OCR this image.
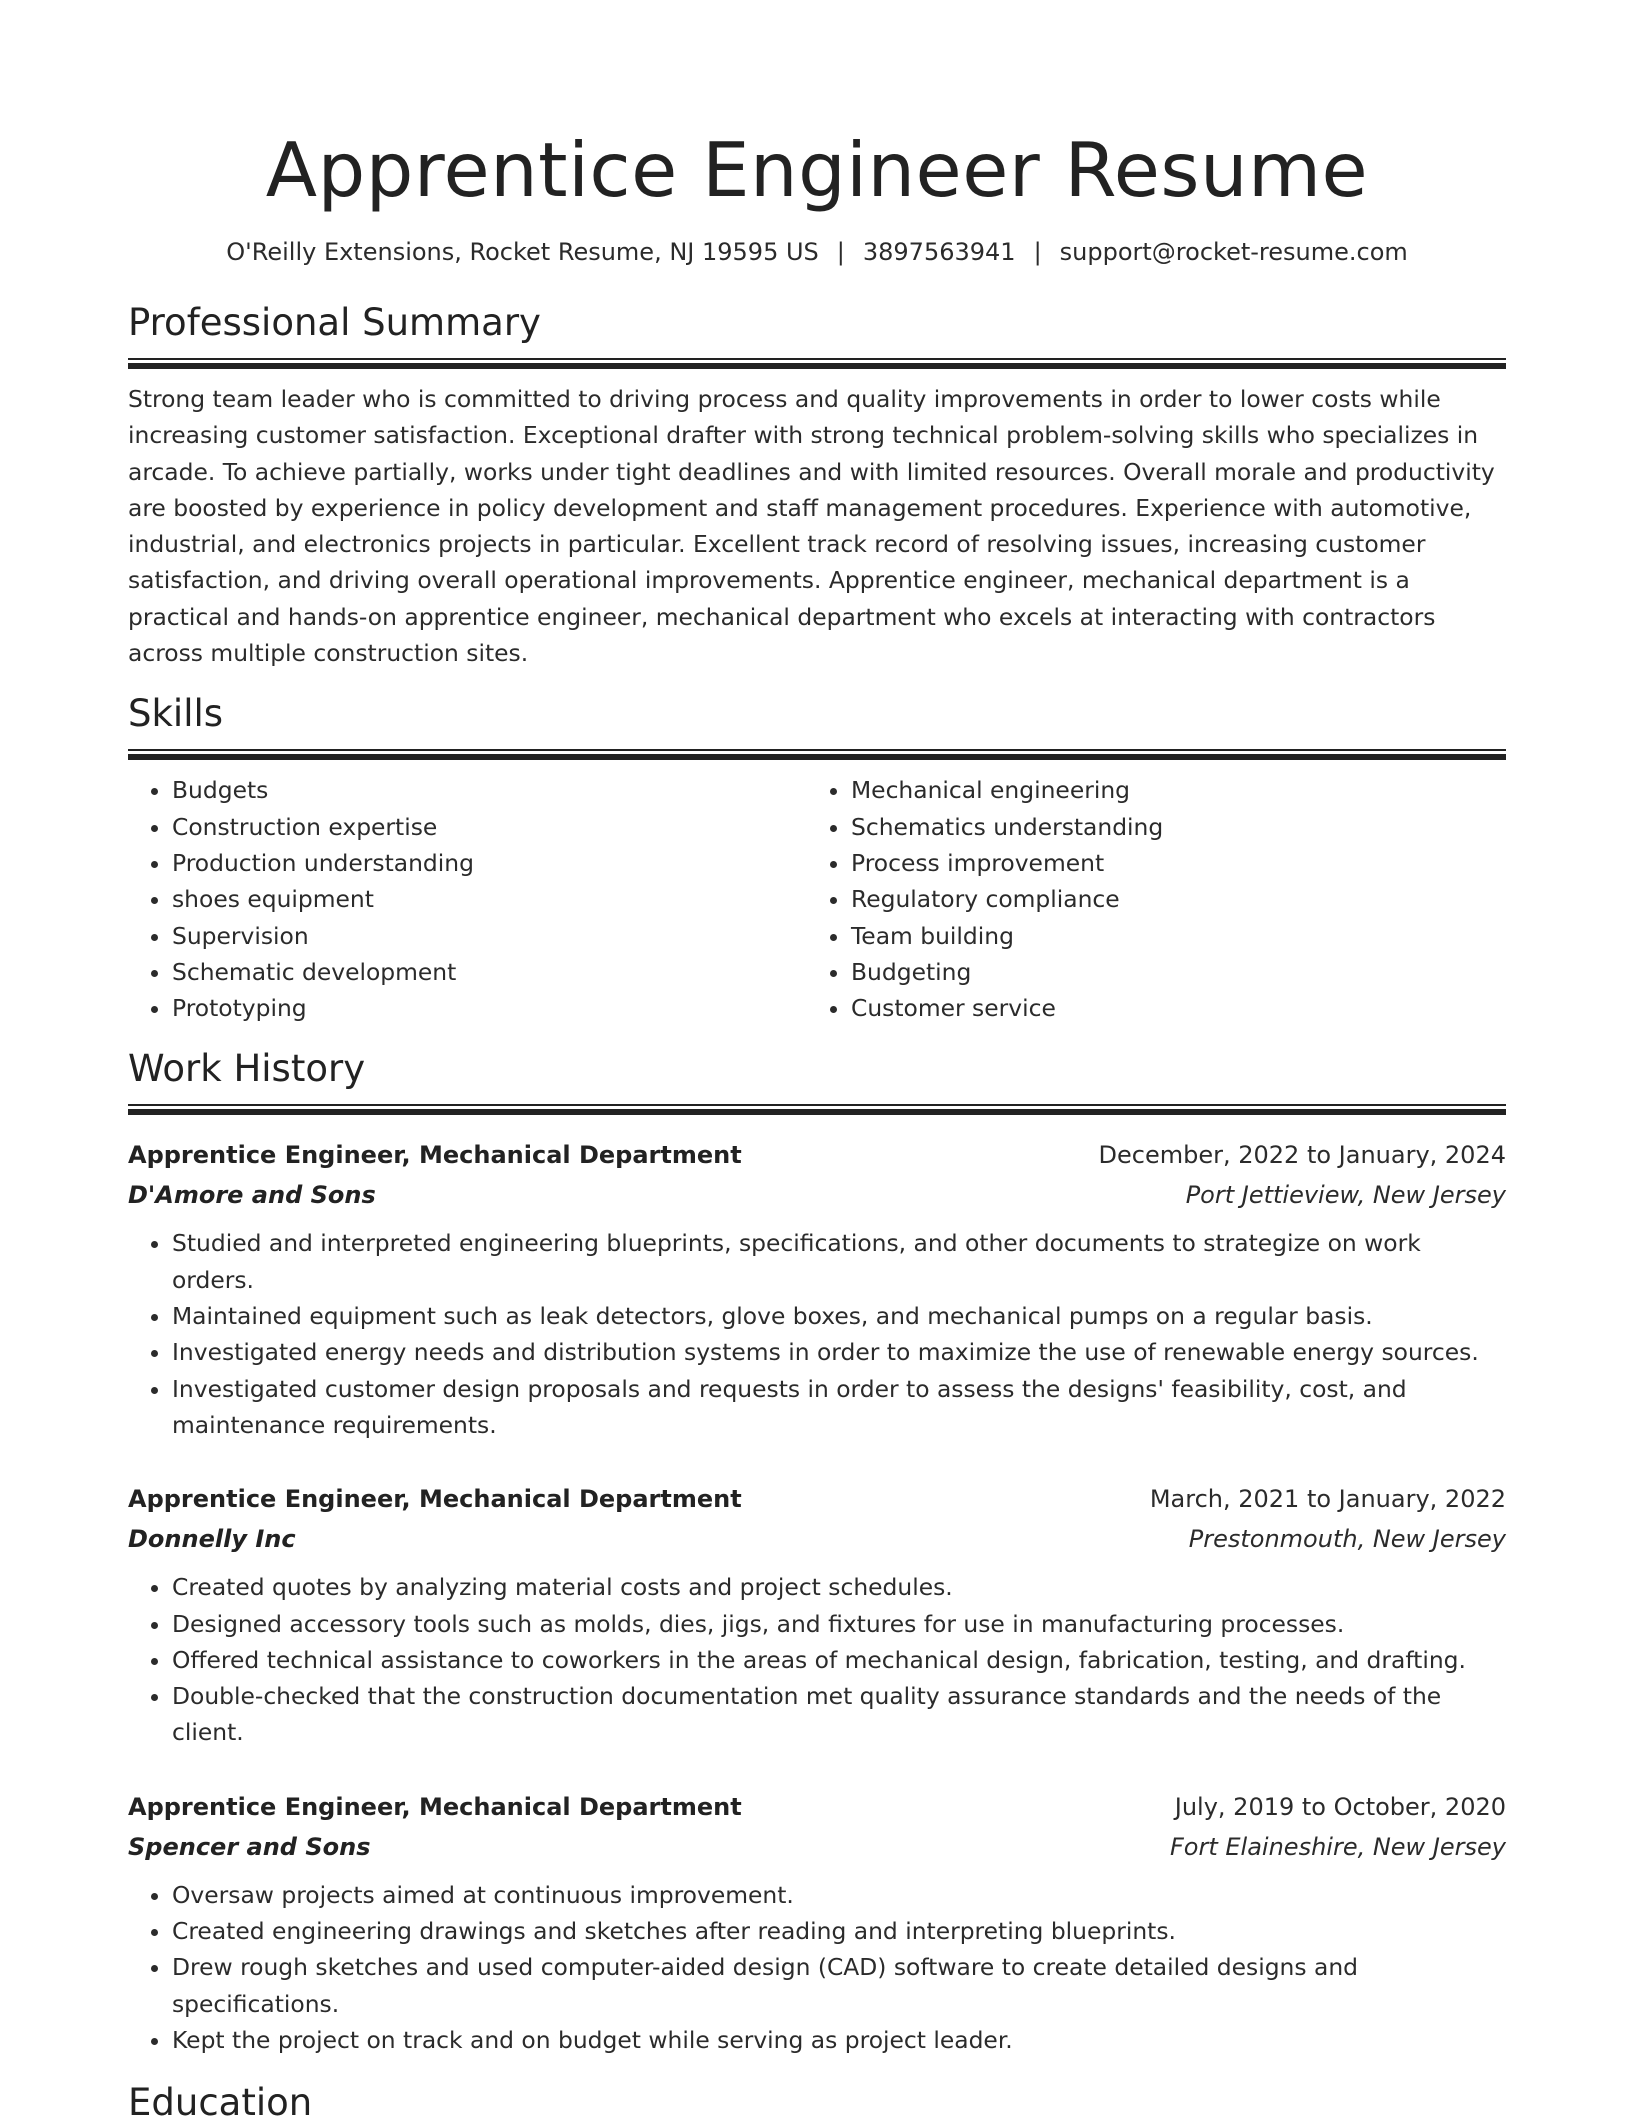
Apprentice Engineer Resume
O'Reilly Extensions, Rocket Resume, NJ 19595 US | 3897563941 | support@rocket-resume.com
Professional Summary

Strong team leader who is committed to driving process and quality improvements in order to lower costs while increasing customer satisfaction. Exceptional drafter with strong technical problem-solving skills who specializes in arcade. To achieve partially, works under tight deadlines and with limited resources. Overall morale and productivity are boosted by experience in policy development and staff management procedures. Experience with automotive, industrial, and electronics projects in particular. Excellent track record of resolving issues, increasing customer satisfaction, and driving overall operational improvements. Apprentice engineer, mechanical department is a practical and hands-on apprentice engineer, mechanical department who excels at interacting with contractors across multiple construction sites.

Skills
• Budgets
• Construction expertise
• Production understanding
• shoes equipment
• Supervision
• Schematic development
• Prototyping
• Mechanical engineering
• Schematics understanding
• Process improvement
• Regulatory compliance
• Team building
• Budgeting
• Customer service
Work History
Apprentice Engineer, Mechanical Department	December, 2022 to January, 2024
D'Amore and Sons	Port Jettieview, New Jersey
• Studied and interpreted engineering blueprints, specifications, and other documents to strategize on work orders.
• Maintained equipment such as leak detectors, glove boxes, and mechanical pumps on a regular basis.
• Investigated energy needs and distribution systems in order to maximize the use of renewable energy sources.
• Investigated customer design proposals and requests in order to assess the designs' feasibility, cost, and maintenance requirements.
Apprentice Engineer, Mechanical Department	March, 2021 to January, 2022
Donnelly Inc	Prestonmouth, New Jersey
• Created quotes by analyzing material costs and project schedules.
• Designed accessory tools such as molds, dies, jigs, and fixtures for use in manufacturing processes.
• Offered technical assistance to coworkers in the areas of mechanical design, fabrication, testing, and drafting.
• Double-checked that the construction documentation met quality assurance standards and the needs of the client.
Apprentice Engineer, Mechanical Department	July, 2019 to October, 2020
Spencer and Sons	Fort Elaineshire, New Jersey
• Oversaw projects aimed at continuous improvement.
• Created engineering drawings and sketches after reading and interpreting blueprints.
• Drew rough sketches and used computer-aided design (CAD) software to create detailed designs and specifications.
• Kept the project on track and on budget while serving as project leader.
Education
